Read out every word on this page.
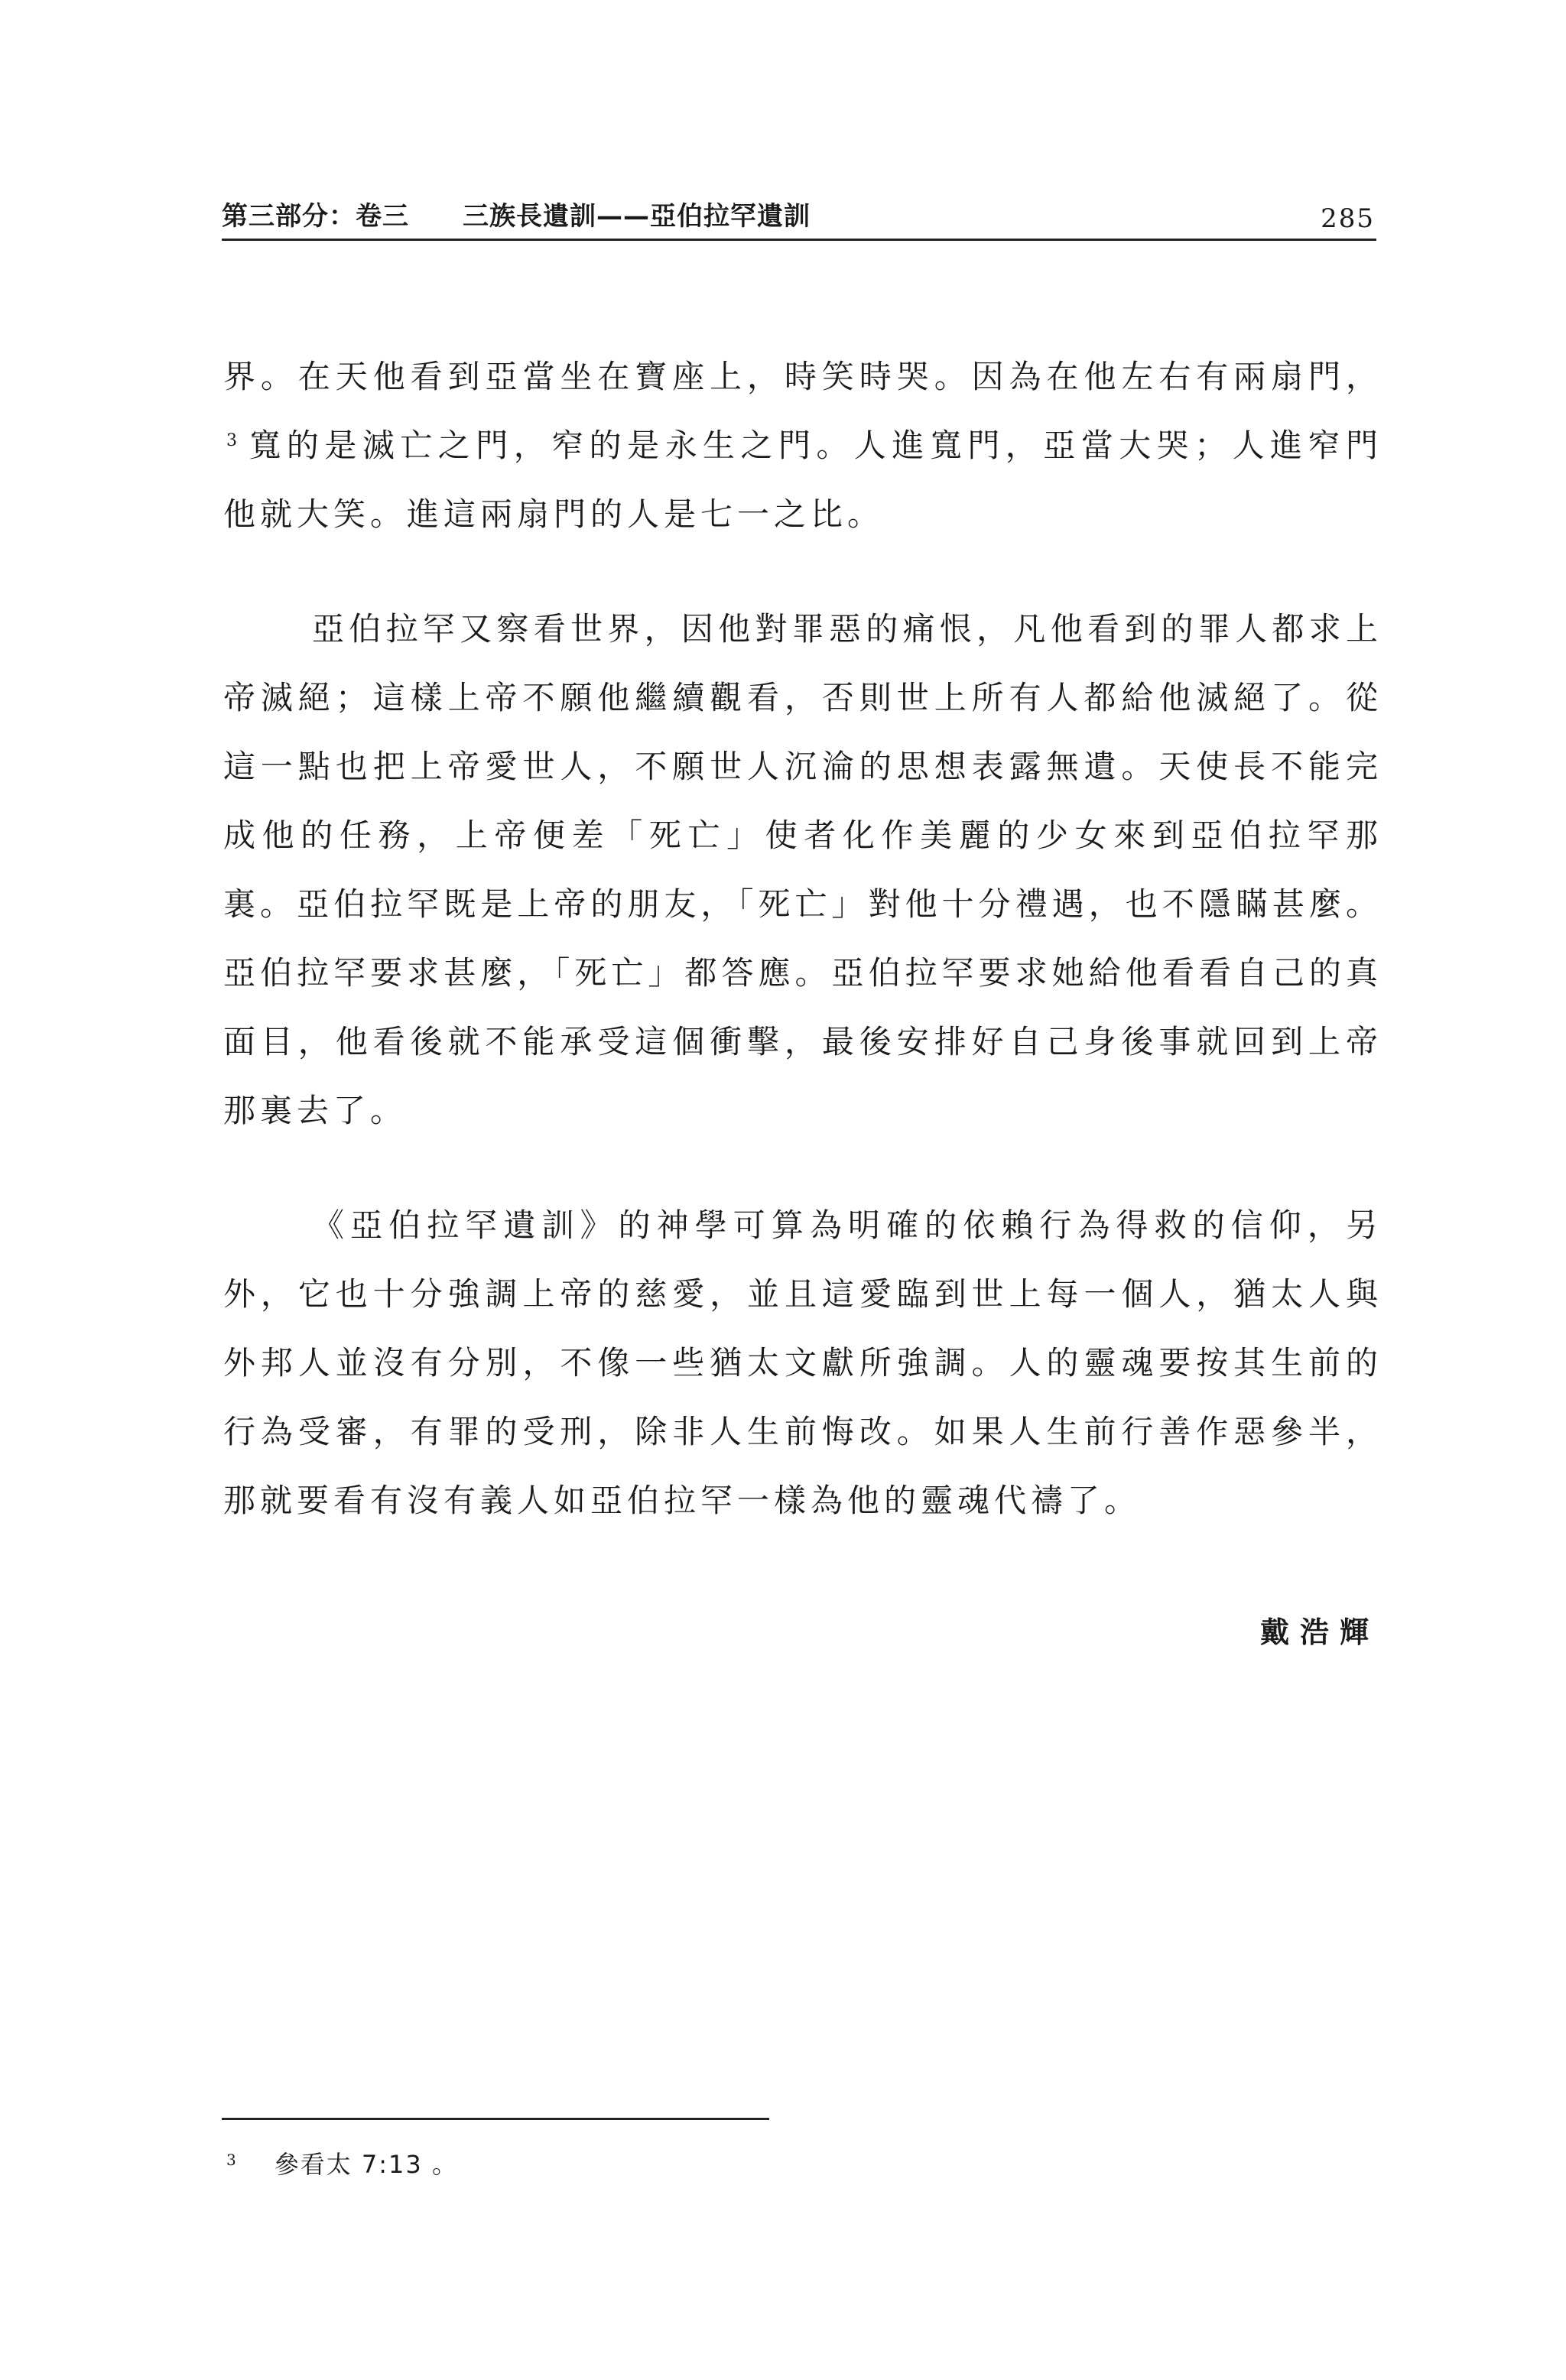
第三部分：卷三 三族長遺訓——亞伯拉罕遺訓	285

界。在天他看到亞當坐在寶座上，時笑時哭。因為在他左右有兩扇門，$^3$ 寬的是滅亡之門，窄的是永生之門。人進寬門，亞當大哭；人進窄門他就大笑。進這兩扇門的人是七一之比。

亞伯拉罕又察看世界，因他對罪惡的痛恨，凡他看到的罪人都求上帝滅絕；這樣上帝不願他繼續觀看，否則世上所有人都給他滅絕了。從這一點也把上帝愛世人，不願世人沉淪的思想表露無遺。天使長不能完成他的任務，上帝便差「死亡」使者化作美麗的少女來到亞伯拉罕那裏。亞伯拉罕既是上帝的朋友，「死亡」對他十分禮遇，也不隱瞞甚麼。亞伯拉罕要求甚麼，「死亡」都答應。亞伯拉罕要求她給他看看自己的真面目，他看後就不能承受這個衝擊，最後安排好自己身後事就回到上帝那裏去了。

《亞伯拉罕遺訓》的神學可算為明確的依賴行為得救的信仰，另外，它也十分強調上帝的慈愛，並且這愛臨到世上每一個人，猶太人與外邦人並沒有分別，不像一些猶太文獻所強調。人的靈魂要按其生前的行為受審，有罪的受刑，除非人生前悔改。如果人生前行善作惡參半，那就要看有沒有義人如亞伯拉罕一樣為他的靈魂代禱了。

戴浩輝
$^3$ 參看太 7:13 。
